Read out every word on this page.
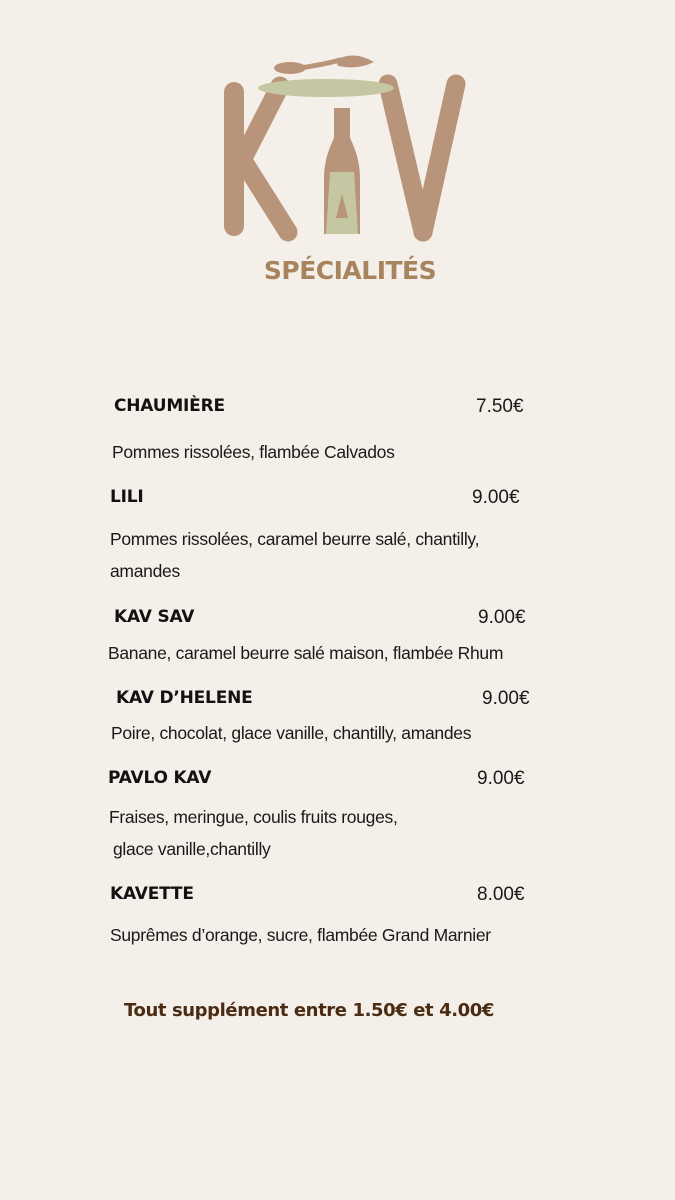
SPÉCIALITÉS
CHAUMIÈRE	7.50€
Pommes rissolées, flambée Calvados
LILI	9.00€
Pommes rissolées, caramel beurre salé, chantilly,
amandes
KAV SAV	9.00€
Banane, caramel beurre salé maison, flambée Rhum
KAV D’HELENE	9.00€
Poire, chocolat, glace vanille, chantilly, amandes
PAVLO KAV	9.00€
Fraises, meringue, coulis fruits rouges,
glace vanille,chantilly
KAVETTE	8.00€
Suprêmes d’orange, sucre, flambée Grand Marnier
Tout supplément entre 1.50€ et 4.00€
